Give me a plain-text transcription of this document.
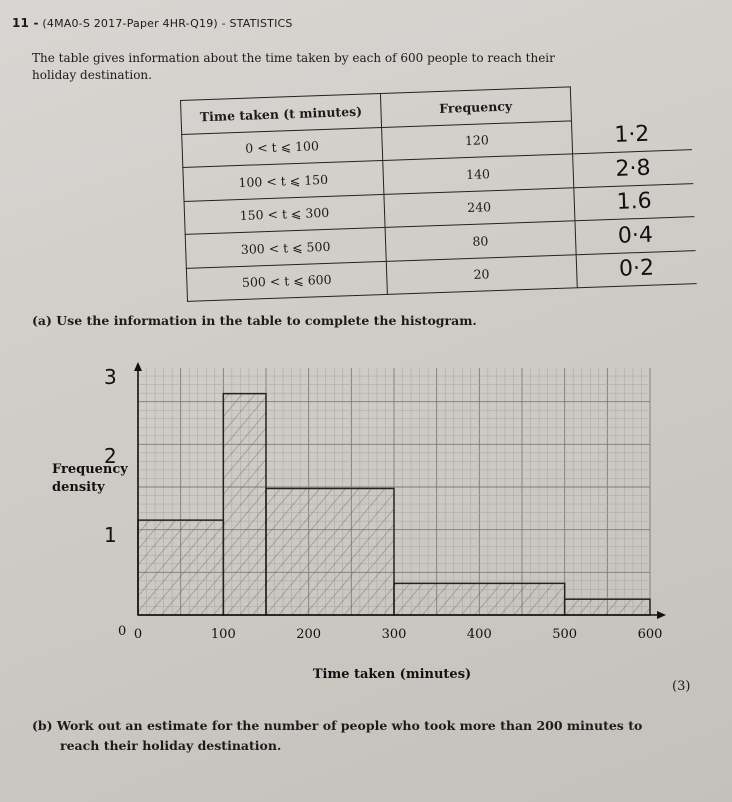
11 - (4MA0-S 2017-Paper 4HR-Q19) - STATISTICS
The table gives information about the time taken by each of 600 people to reach their
holiday destination.
Time taken (t minutes)	Frequency	
0 < t ⩽ 100	120	1·2
100 < t ⩽ 150	140	2·8
150 < t ⩽ 300	240	1.6
300 < t ⩽ 500	80	0·4
500 < t ⩽ 600	20	0·2
(a) Use the information in the table to complete the histogram.
0
Frequency
density
Time taken (minutes)
0	100	200	300	400	500	600
1
2
3
(3)
(b) Work out an estimate for the number of people who took more than 200 minutes to
reach their holiday destination.
